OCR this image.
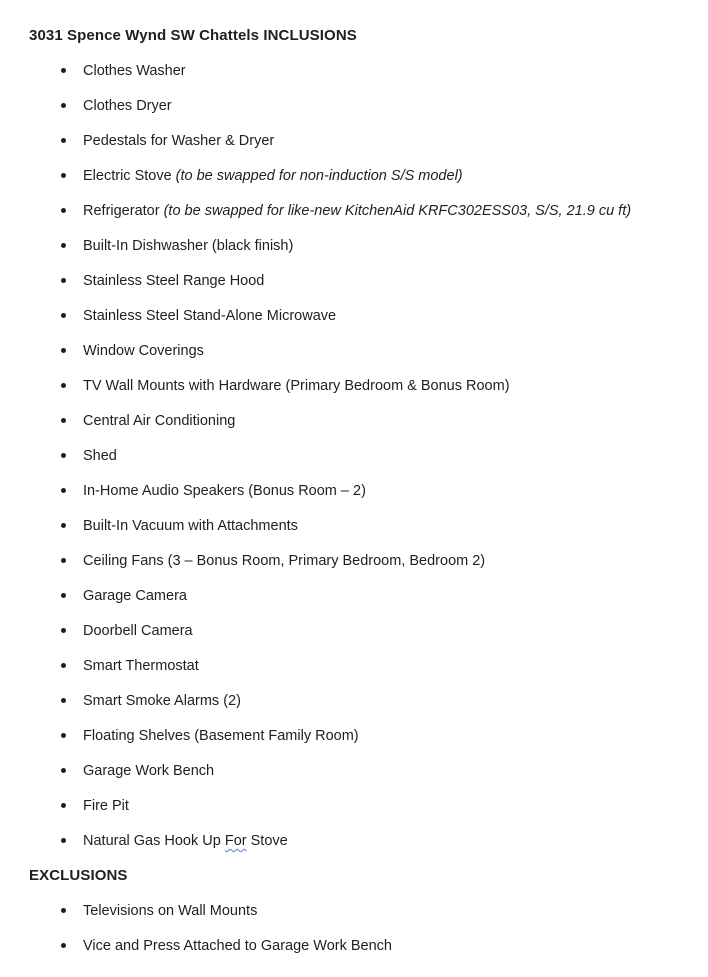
3031 Spence Wynd SW Chattels INCLUSIONS
Clothes Washer
Clothes Dryer
Pedestals for Washer & Dryer
Electric Stove (to be swapped for non-induction S/S model)
Refrigerator (to be swapped for like-new KitchenAid KRFC302ESS03, S/S, 21.9 cu ft)
Built-In Dishwasher (black finish)
Stainless Steel Range Hood
Stainless Steel Stand-Alone Microwave
Window Coverings
TV Wall Mounts with Hardware (Primary Bedroom & Bonus Room)
Central Air Conditioning
Shed
In-Home Audio Speakers (Bonus Room – 2)
Built-In Vacuum with Attachments
Ceiling Fans (3 – Bonus Room, Primary Bedroom, Bedroom 2)
Garage Camera
Doorbell Camera
Smart Thermostat
Smart Smoke Alarms (2)
Floating Shelves (Basement Family Room)
Garage Work Bench
Fire Pit
Natural Gas Hook Up For Stove
EXCLUSIONS
Televisions on Wall Mounts
Vice and Press Attached to Garage Work Bench
